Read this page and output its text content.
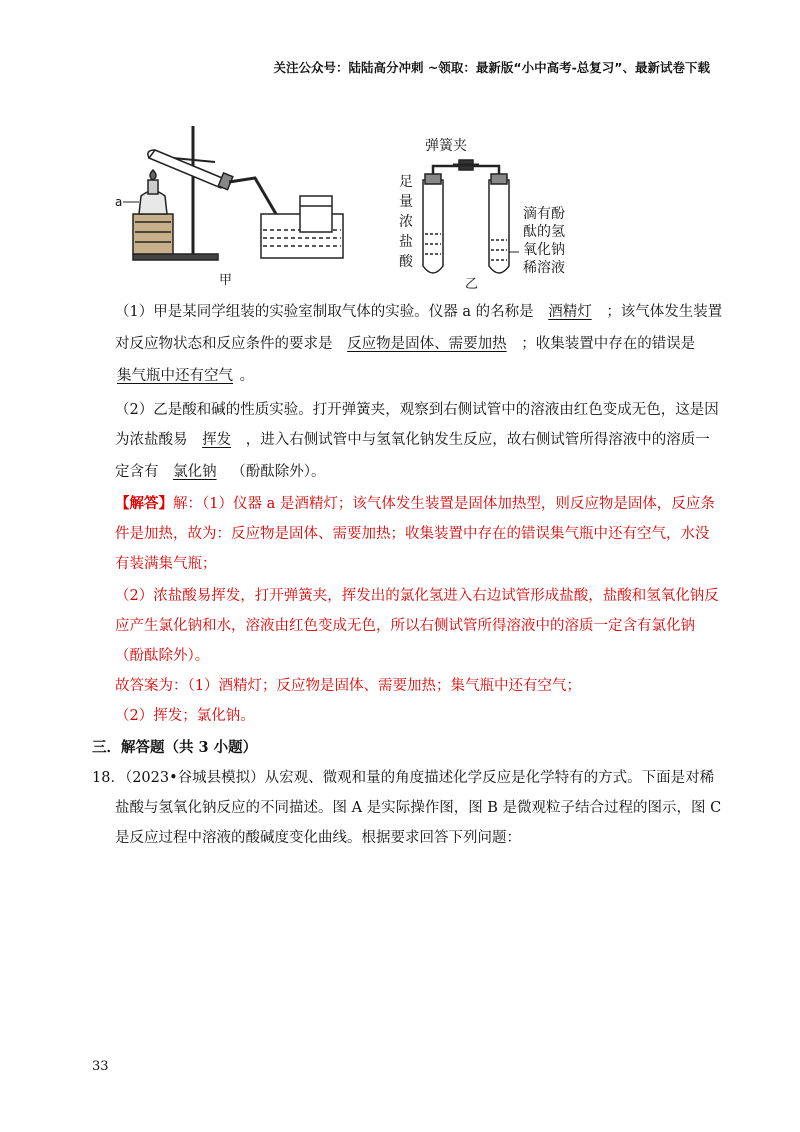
关注公众号：陆陆高分冲刺 ~领取：最新版“小中高考-总复习”、最新试卷下载
a
甲
弹簧夹
足
量
浓
盐
酸
滴有酚
酞的氢
氧化钠
稀溶液
乙
（1）甲是某同学组装的实验室制取气体的实验。仪器 a 的名称是 酒精灯 ；该气体发生装置
对反应物状态和反应条件的要求是 反应物是固体、需要加热 ；收集装置中存在的错误是
集气瓶中还有空气 。
（2）乙是酸和碱的性质实验。打开弹簧夹，观察到右侧试管中的溶液由红色变成无色，这是因
为浓盐酸易 挥发 ，进入右侧试管中与氢氧化钠发生反应，故右侧试管所得溶液中的溶质一
定含有 氯化钠 （酚酞除外）。
【解答】解：（1）仪器 a 是酒精灯；该气体发生装置是固体加热型，则反应物是固体，反应条
件是加热，故为：反应物是固体、需要加热；收集装置中存在的错误集气瓶中还有空气，水没
有装满集气瓶；
（2）浓盐酸易挥发，打开弹簧夹，挥发出的氯化氢进入右边试管形成盐酸，盐酸和氢氧化钠反
应产生氯化钠和水，溶液由红色变成无色，所以右侧试管所得溶液中的溶质一定含有氯化钠
（酚酞除外）。
故答案为：（1）酒精灯；反应物是固体、需要加热；集气瓶中还有空气；
（2）挥发；氯化钠。
三．解答题（共 3 小题）
18．（2023•谷城县模拟）从宏观、微观和量的角度描述化学反应是化学特有的方式。下面是对稀
盐酸与氢氧化钠反应的不同描述。图 A 是实际操作图，图 B 是微观粒子结合过程的图示，图 C
是反应过程中溶液的酸碱度变化曲线。根据要求回答下列问题：
33
